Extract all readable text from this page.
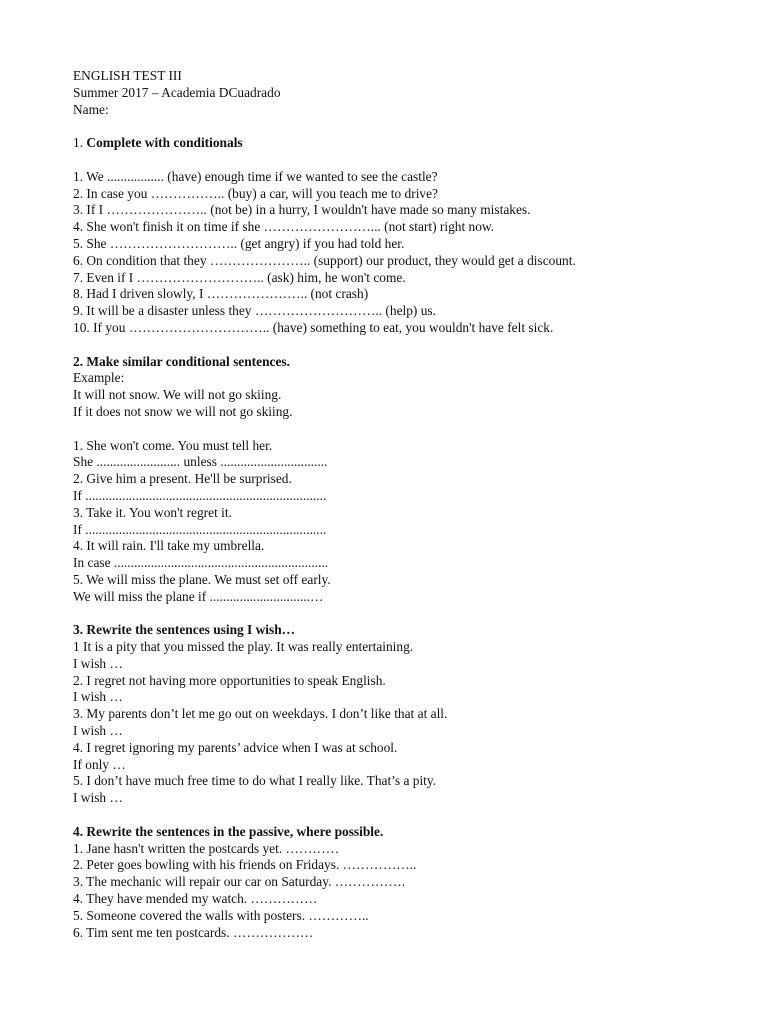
ENGLISH TEST III
Summer 2017 – Academia DCuadrado
Name:
1. Complete with conditionals
1. We ................. (have) enough time if we wanted to see the castle?
2. In case you …………….. (buy) a car, will you teach me to drive?
3. If I ………………….. (not be) in a hurry, I wouldn't have made so many mistakes.
4. She won't finish it on time if she ……………………... (not start) right now.
5. She ……………………….. (get angry) if you had told her.
6. On condition that they ………………….. (support) our product, they would get a discount.
7. Even if I ……………………….. (ask) him, he won't come.
8. Had I driven slowly, I ………………….. (not crash)
9. It will be a disaster unless they ……………………….. (help) us.
10. If you ………………………….. (have) something to eat, you wouldn't have felt sick.
2. Make similar conditional sentences.
Example:
It will not snow. We will not go skiing.
If it does not snow we will not go skiing.
1. She won't come. You must tell her.
She ......................... unless ................................
2. Give him a present. He'll be surprised.
If ........................................................................
3. Take it. You won't regret it.
If ........................................................................
4. It will rain. I'll take my umbrella.
In case ................................................................
5. We will miss the plane. We must set off early.
We will miss the plane if ..............................…
3. Rewrite the sentences using I wish…
1 It is a pity that you missed the play. It was really entertaining.
I wish …
2. I regret not having more opportunities to speak English.
I wish …
3. My parents don’t let me go out on weekdays. I don’t like that at all.
I wish …
4. I regret ignoring my parents’ advice when I was at school.
If only …
5. I don’t have much free time to do what I really like. That’s a pity.
I wish …
4. Rewrite the sentences in the passive, where possible.
1. Jane hasn't written the postcards yet. …………
2. Peter goes bowling with his friends on Fridays. ……………..
3. The mechanic will repair our car on Saturday. …………….
4. They have mended my watch. ……………
5. Someone covered the walls with posters. …………..
6. Tim sent me ten postcards. ………………
